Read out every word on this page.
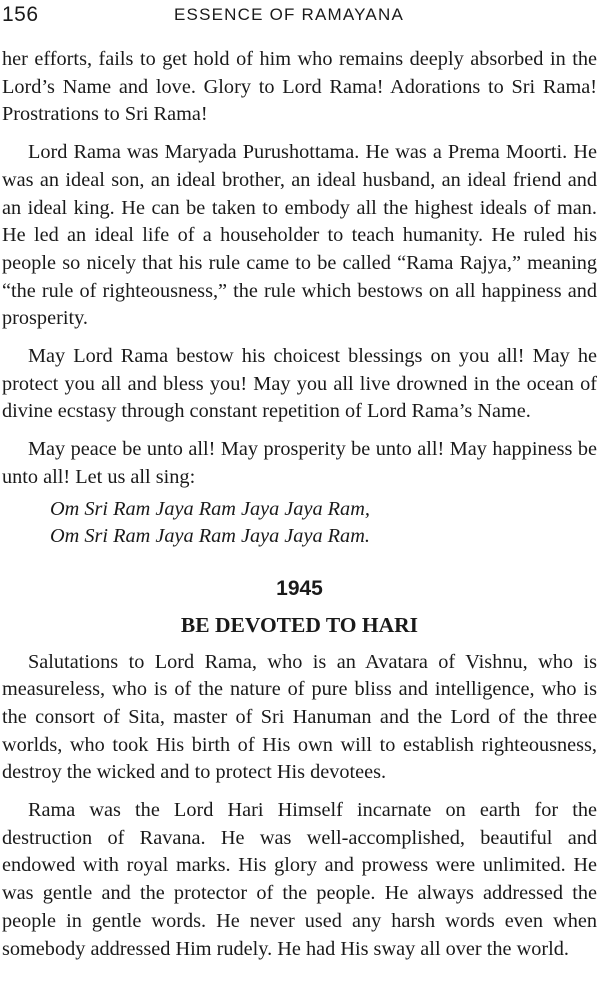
156	ESSENCE OF RAMAYANA

her efforts, fails to get hold of him who remains deeply absorbed in the Lord’s Name and love. Glory to Lord Rama! Adorations to Sri Rama! Prostrations to Sri Rama!

Lord Rama was Maryada Purushottama. He was a Prema Moorti. He was an ideal son, an ideal brother, an ideal husband, an ideal friend and an ideal king. He can be taken to embody all the highest ideals of man. He led an ideal life of a householder to teach humanity. He ruled his people so nicely that his rule came to be called “Rama Rajya,” meaning “the rule of righteousness,” the rule which bestows on all happiness and prosperity.

May Lord Rama bestow his choicest blessings on you all! May he protect you all and bless you! May you all live drowned in the ocean of divine ecstasy through constant repetition of Lord Rama’s Name.

May peace be unto all! May prosperity be unto all! May happiness be unto all! Let us all sing:

Om Sri Ram Jaya Ram Jaya Jaya Ram,
Om Sri Ram Jaya Ram Jaya Jaya Ram.
1945
BE DEVOTED TO HARI

Salutations to Lord Rama, who is an Avatara of Vishnu, who is measureless, who is of the nature of pure bliss and intelligence, who is the consort of Sita, master of Sri Hanuman and the Lord of the three worlds, who took His birth of His own will to establish righteousness, destroy the wicked and to protect His devotees.

Rama was the Lord Hari Himself incarnate on earth for the destruction of Ravana. He was well-accomplished, beautiful and endowed with royal marks. His glory and prowess were unlimited. He was gentle and the protector of the people. He always addressed the people in gentle words. He never used any harsh words even when somebody addressed Him rudely. He had His sway all over the world.
